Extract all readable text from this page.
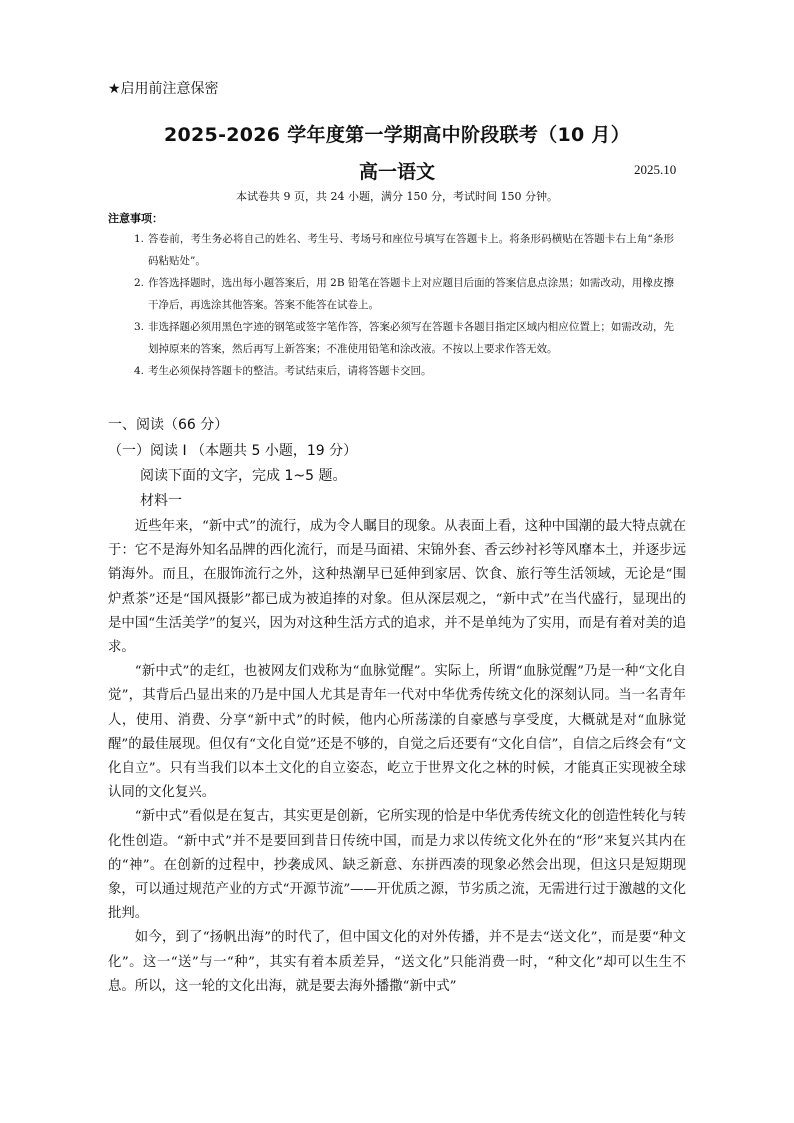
★启用前注意保密
2025-2026 学年度第一学期高中阶段联考（10 月）
高一语文	2025.10
本试卷共 9 页，共 24 小题，满分 150 分，考试时间 150 分钟。
注意事项：
1. 答卷前，考生务必将自己的姓名、考生号、考场号和座位号填写在答题卡上。将条形码横贴在答题卡右上角“条形码粘贴处”。
2. 作答选择题时，选出每小题答案后，用 2B 铅笔在答题卡上对应题目后面的答案信息点涂黑；如需改动，用橡皮擦干净后，再选涂其他答案。答案不能答在试卷上。
3. 非选择题必须用黑色字迹的钢笔或签字笔作答，答案必须写在答题卡各题目指定区域内相应位置上；如需改动，先划掉原来的答案，然后再写上新答案；不准使用铅笔和涂改液。不按以上要求作答无效。
4. 考生必须保持答题卡的整洁。考试结束后，请将答题卡交回。
一、阅读（66 分）
（一）阅读 I （本题共 5 小题，19 分）
阅读下面的文字，完成 1~5 题。
材料一

近些年来，“新中式”的流行，成为令人瞩目的现象。从表面上看，这种中国潮的最大特点就在于：它不是海外知名品牌的西化流行，而是马面裙、宋锦外套、香云纱衬衫等风靡本土，并逐步远销海外。而且，在服饰流行之外，这种热潮早已延伸到家居、饮食、旅行等生活领域，无论是“围炉煮茶”还是“国风摄影”都已成为被追捧的对象。但从深层观之，“新中式”在当代盛行，显现出的是中国“生活美学”的复兴，因为对这种生活方式的追求，并不是单纯为了实用，而是有着对美的追求。

“新中式”的走红，也被网友们戏称为“血脉觉醒”。实际上，所谓“血脉觉醒”乃是一种“文化自觉”，其背后凸显出来的乃是中国人尤其是青年一代对中华优秀传统文化的深刻认同。当一名青年人，使用、消费、分享“新中式”的时候，他内心所荡漾的自豪感与享受度，大概就是对“血脉觉醒”的最佳展现。但仅有“文化自觉”还是不够的，自觉之后还要有“文化自信”，自信之后终会有“文化自立”。只有当我们以本土文化的自立姿态，屹立于世界文化之林的时候，才能真正实现被全球认同的文化复兴。

“新中式”看似是在复古，其实更是创新，它所实现的恰是中华优秀传统文化的创造性转化与转化性创造。“新中式”并不是要回到昔日传统中国，而是力求以传统文化外在的“形”来复兴其内在的“神”。在创新的过程中，抄袭成风、缺乏新意、东拼西凑的现象必然会出现，但这只是短期现象，可以通过规范产业的方式“开源节流”——开优质之源，节劣质之流，无需进行过于激越的文化批判。

如今，到了“扬帆出海”的时代了，但中国文化的对外传播，并不是去“送文化”，而是要“种文化”。这一“送”与一“种”，其实有着本质差异，“送文化”只能消费一时，“种文化”却可以生生不息。所以，这一轮的文化出海，就是要去海外播撒“新中式”
